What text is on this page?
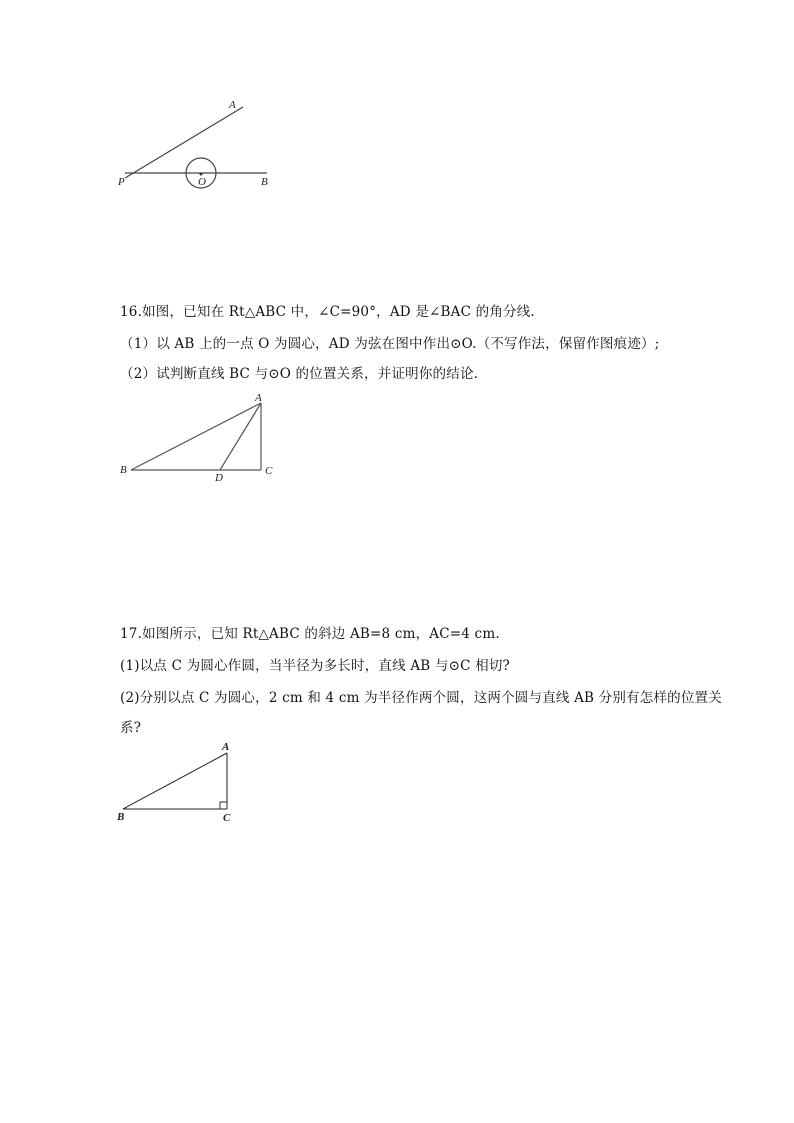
A
P	O	B
16.如图，已知在 Rt△ABC 中，∠C=90°，AD 是∠BAC 的角分线.
（1）以 AB 上的一点 O 为圆心，AD 为弦在图中作出⊙O.（不写作法，保留作图痕迹）;
（2）试判断直线 BC 与⊙O 的位置关系，并证明你的结论.
A
B
D
C
17.如图所示，已知 Rt△ABC 的斜边 AB=8 cm，AC=4 cm.
(1)以点 C 为圆心作圆，当半径为多长时，直线 AB 与⊙C 相切?
(2)分别以点 C 为圆心，2 cm 和 4 cm 为半径作两个圆，这两个圆与直线 AB 分别有怎样的位置关
系?
A
B	C
